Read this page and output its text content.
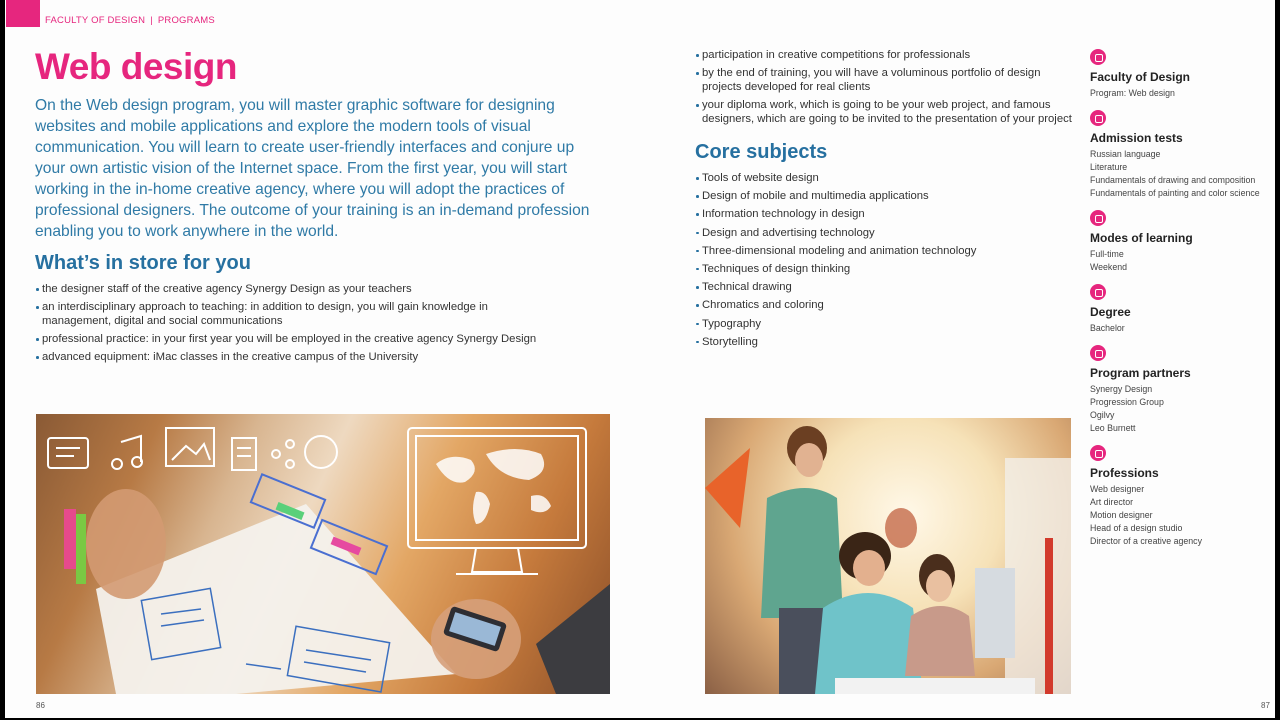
FACULTY OF DESIGN | PROGRAMS
Web design

On the Web design program, you will master graphic software for designing websites and mobile applications and explore the modern tools of visual communication. You will learn to create user-friendly interfaces and conjure up your own artistic vision of the Internet space. From the first year, you will start working in the in-home creative agency, where you will adopt the practices of professional designers. The outcome of your training is an in-demand profession enabling you to work anywhere in the world.

What’s in store for you
the designer staff of the creative agency Synergy Design as your teachers
an interdisciplinary approach to teaching: in addition to design, you will gain knowledge in management, digital and social communications
professional practice: in your first year you will be employed in the creative agency Synergy Design
advanced equipment: iMac classes in the creative campus of the University
participation in creative competitions for professionals
by the end of training, you will have a voluminous portfolio of design projects developed for real clients
your diploma work, which is going to be your web project, and famous designers, which are going to be invited to the presentation of your project
Core subjects
Tools of website design
Design of mobile and multimedia applications
Information technology in design
Design and advertising technology
Three-dimensional modeling and animation technology
Techniques of design thinking
Technical drawing
Chromatics and coloring
Typography
Storytelling
Faculty of Design
Program: Web design
Admission tests
Russian language
Literature
Fundamentals of drawing and composition
Fundamentals of painting and color science
Modes of learning
Full-time
Weekend
Degree
Bachelor
Program partners
Synergy Design
Progression Group
Ogilvy
Leo Burnett
Professions
Web designer
Art director
Motion designer
Head of a design studio
Director of a creative agency
86	87
